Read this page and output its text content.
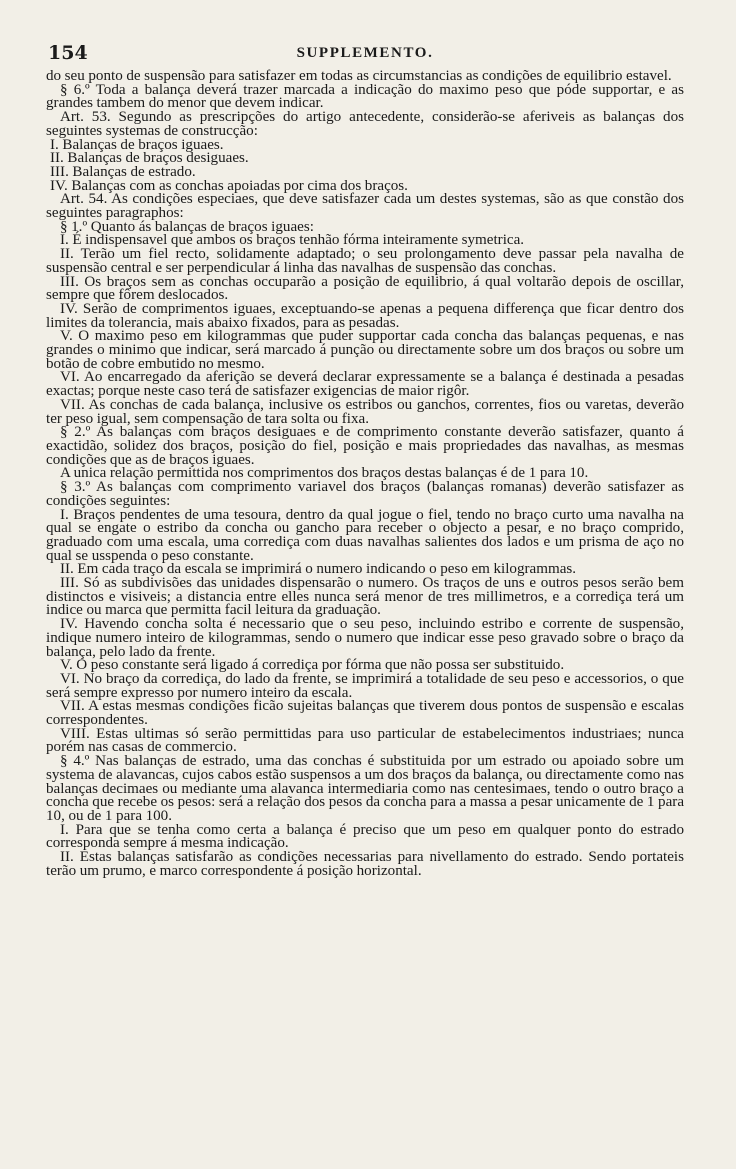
154	SUPPLEMENTO.

do seu ponto de suspensão para satisfazer em todas as circumstancias as condições de equilibrio estavel.

§ 6.º Toda a balança deverá trazer marcada a indicação do maximo peso que póde supportar, e as grandes tambem do menor que devem indicar.

Art. 53. Segundo as prescripções do artigo antecedente, considerão-se aferiveis as balanças dos seguintes systemas de construcção:

I. Balanças de braços iguaes.

II. Balanças de braços desiguaes.

III. Balanças de estrado.

IV. Balanças com as conchas apoiadas por cima dos braços.

Art. 54. As condições especiaes, que deve satisfazer cada um destes systemas, são as que constão dos seguintes paragraphos:

§ 1.º Quanto ás balanças de braços iguaes:

I. É indispensavel que ambos os braços tenhão fórma inteiramente symetrica.

II. Terão um fiel recto, solidamente adaptado; o seu prolongamento deve passar pela navalha de suspensão central e ser perpendicular á linha das navalhas de suspensão das conchas.

III. Os braços sem as conchas occuparão a posição de equilibrio, á qual voltarão depois de oscillar, sempre que fôrem deslocados.

IV. Serão de comprimentos iguaes, exceptuando-se apenas a pequena differença que ficar dentro dos limites da tolerancia, mais abaixo fixados, para as pesadas.

V. O maximo peso em kilogrammas que puder supportar cada concha das balanças pequenas, e nas grandes o minimo que indicar, será marcado á punção ou directamente sobre um dos braços ou sobre um botão de cobre embutido no mesmo.

VI. Ao encarregado da aferição se deverá declarar expressamente se a balança é destinada a pesadas exactas; porque neste caso terá de satisfazer exigencias de maior rigôr.

VII. As conchas de cada balança, inclusive os estribos ou ganchos, correntes, fios ou varetas, deverão ter peso igual, sem compensação de tara solta ou fixa.

§ 2.º As balanças com braços desiguaes e de comprimento constante deverão satisfazer, quanto á exactidão, solidez dos braços, posição do fiel, posição e mais propriedades das navalhas, as mesmas condições que as de braços iguaes.

A unica relação permittida nos comprimentos dos braços destas balanças é de 1 para 10.

§ 3.º As balanças com comprimento variavel dos braços (balanças romanas) deverão satisfazer as condições seguintes:

I. Braços pendentes de uma tesoura, dentro da qual jogue o fiel, tendo no braço curto uma navalha na qual se engate o estribo da concha ou gancho para receber o objecto a pesar, e no braço comprido, graduado com uma escala, uma corrediça com duas navalhas salientes dos lados e um prisma de aço no qual se usspenda o peso constante.

II. Em cada traço da escala se imprimirá o numero indicando o peso em kilogrammas.

III. Só as subdivisões das unidades dispensarão o numero. Os traços de uns e outros pesos serão bem distinctos e visiveis; a distancia entre elles nunca será menor de tres millimetros, e a corrediça terá um indice ou marca que permitta facil leitura da graduação.

IV. Havendo concha solta é necessario que o seu peso, incluindo estribo e corrente de suspensão, indique numero inteiro de kilogrammas, sendo o numero que indicar esse peso gravado sobre o braço da balança, pelo lado da frente.

V. O peso constante será ligado á corrediça por fórma que não possa ser substituido.

VI. No braço da corrediça, do lado da frente, se imprimirá a totalidade de seu peso e accessorios, o que será sempre expresso por numero inteiro da escala.

VII. A estas mesmas condições ficão sujeitas balanças que tiverem dous pontos de suspensão e escalas correspondentes.

VIII. Estas ultimas só serão permittidas para uso particular de estabelecimentos industriaes; nunca porém nas casas de commercio.

§ 4.º Nas balanças de estrado, uma das conchas é substituida por um estrado ou apoiado sobre um systema de alavancas, cujos cabos estão suspensos a um dos braços da balança, ou directamente como nas balanças decimaes ou mediante uma alavanca intermediaria como nas centesimaes, tendo o outro braço a concha que recebe os pesos: será a relação dos pesos da concha para a massa a pesar unicamente de 1 para 10, ou de 1 para 100.

I. Para que se tenha como certa a balança é preciso que um peso em qualquer ponto do estrado corresponda sempre á mesma indicação.

II. Estas balanças satisfarão as condições necessarias para nivellamento do estrado. Sendo portateis terão um prumo, e marco correspondente á posição horizontal.
